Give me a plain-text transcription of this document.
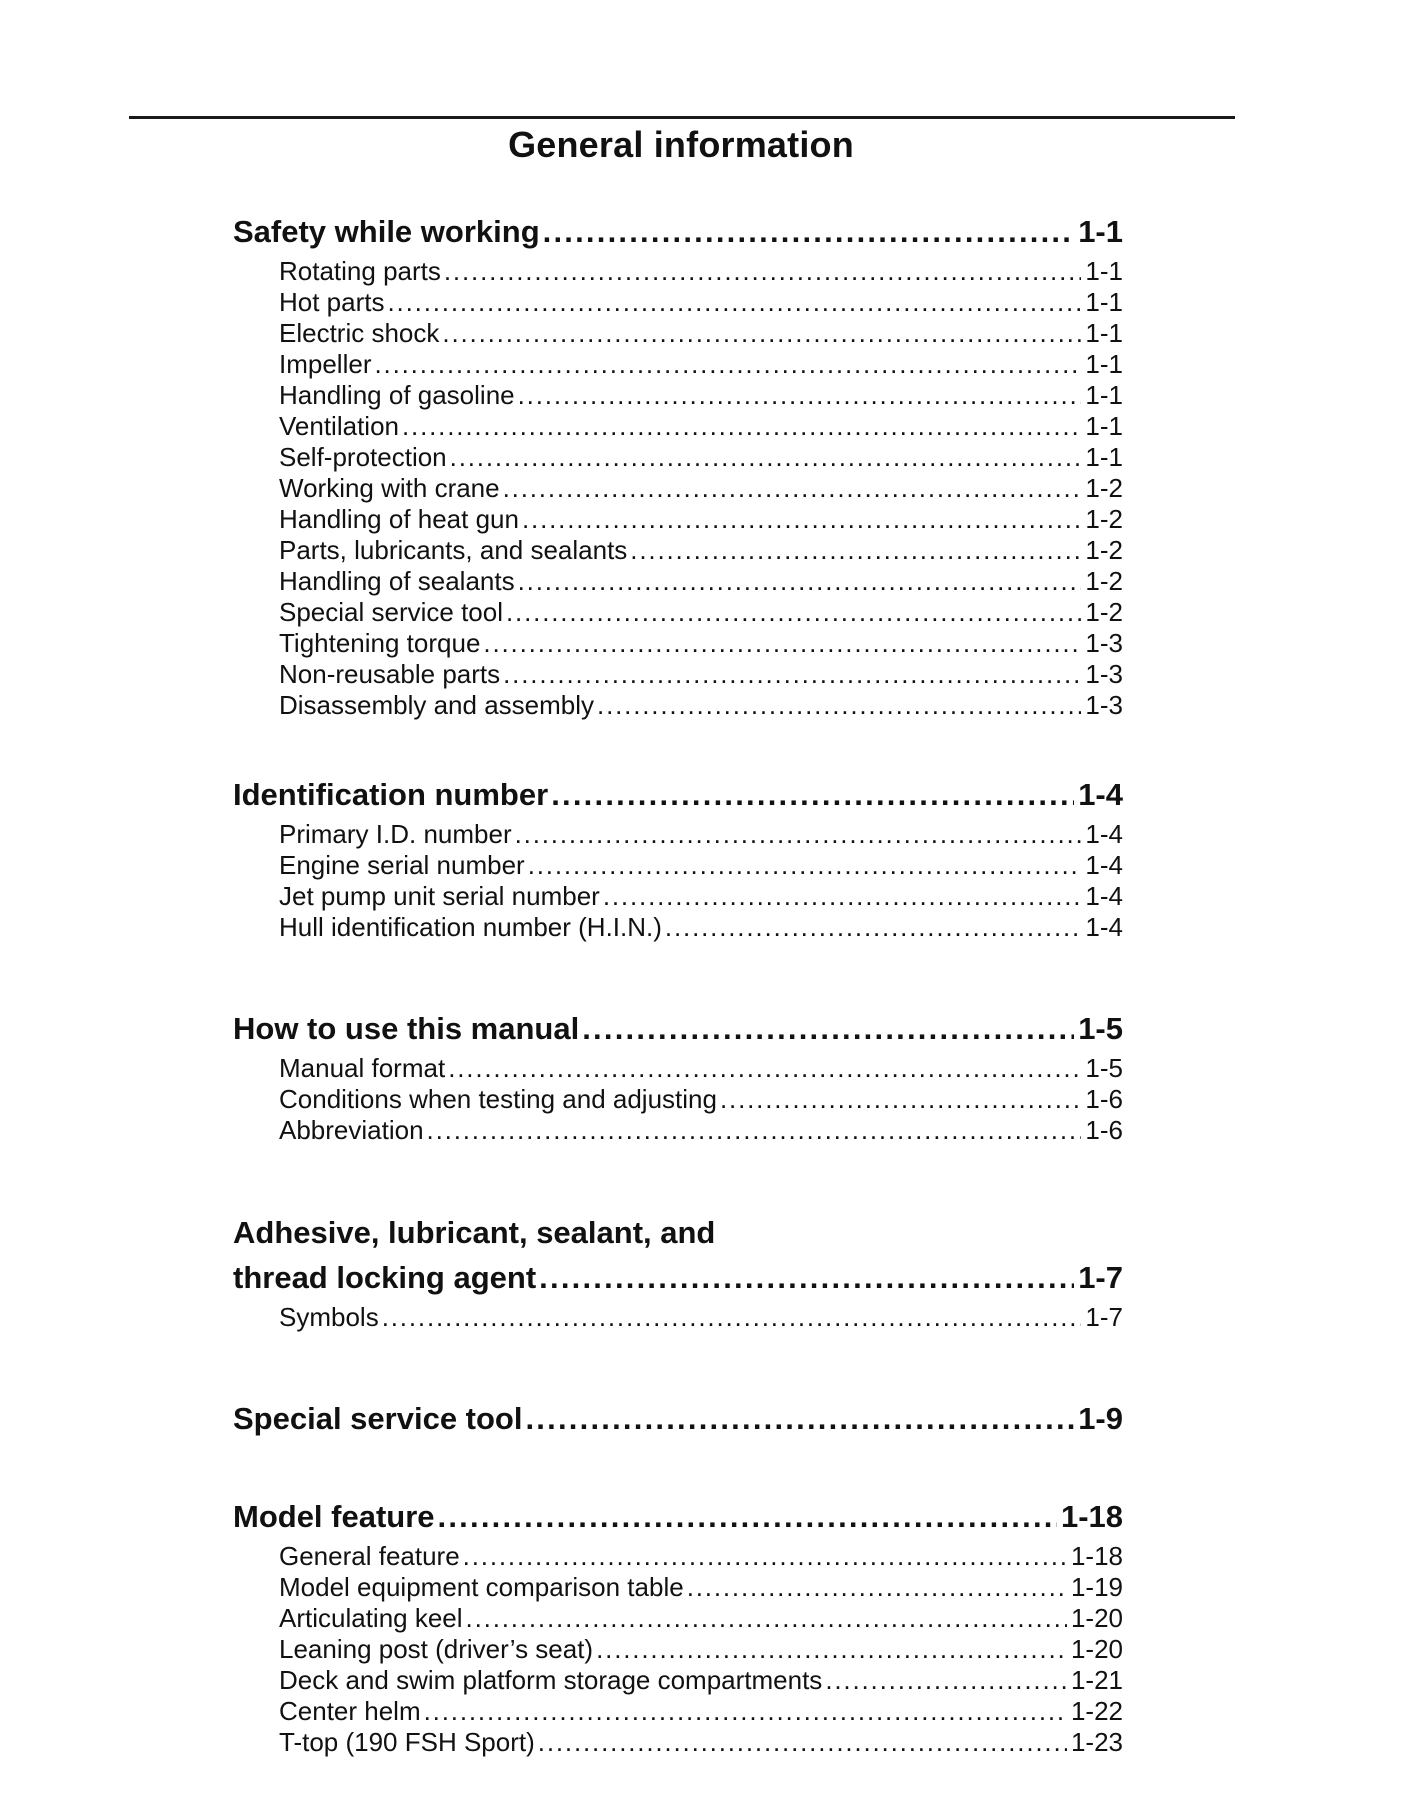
General information
Safety while working . . .	1-1
Rotating parts . . .	1-1
Hot parts . . .	1-1
Electric shock . . .	1-1
Impeller . . .	1-1
Handling of gasoline . . .	1-1
Ventilation . . .	1-1
Self-protection . . .	1-1
Working with crane . . .	1-2
Handling of heat gun . . .	1-2
Parts, lubricants, and sealants . . .	1-2
Handling of sealants . . .	1-2
Special service tool . . .	1-2
Tightening torque . . .	1-3
Non-reusable parts . . .	1-3
Disassembly and assembly . . .	1-3
Identification number . . .	1-4
Primary I.D. number . . .	1-4
Engine serial number . . .	1-4
Jet pump unit serial number . . .	1-4
Hull identification number (H.I.N.) . . .	1-4
How to use this manual . . .	1-5
Manual format . . .	1-5
Conditions when testing and adjusting . . .	1-6
Abbreviation . . .	1-6
Adhesive, lubricant, sealant, and
thread locking agent . . .	1-7
Symbols . . .	1-7
Special service tool . . .	1-9
Model feature . . .	1-18
General feature . . .	1-18
Model equipment comparison table . . .	1-19
Articulating keel . . .	1-20
Leaning post (driver’s seat) . . .	1-20
Deck and swim platform storage compartments . . .	1-21
Center helm . . .	1-22
T-top (190 FSH Sport) . . .	1-23
